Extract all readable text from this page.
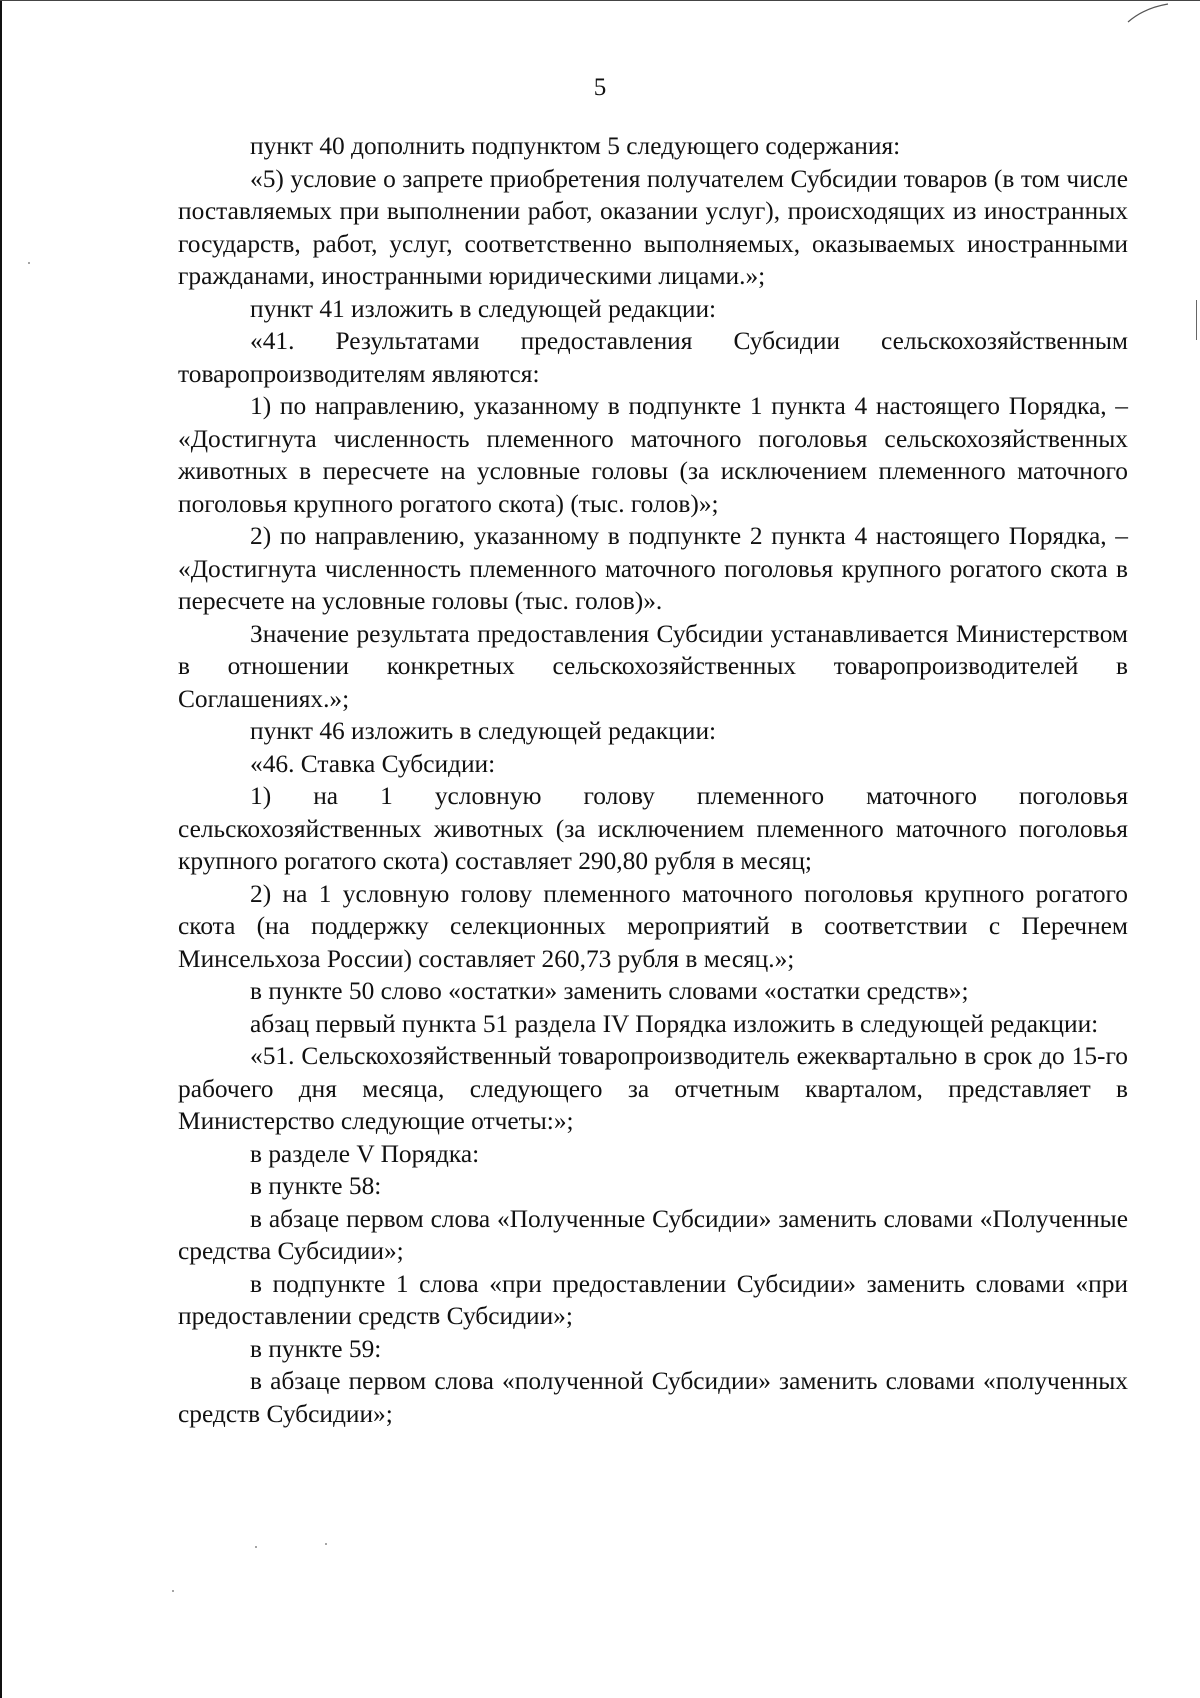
5

пункт 40 дополнить подпунктом 5 следующего содержания:

«5) условие о запрете приобретения получателем Субсидии товаров (в том числе поставляемых при выполнении работ, оказании услуг), происходящих из иностранных государств, работ, услуг, соответственно выполняемых, оказываемых иностранными гражданами, иностранными юридическими лицами.»;

пункт 41 изложить в следующей редакции:

«41. Результатами предоставления Субсидии сельскохозяйственным товаропроизводителям являются:

1) по направлению, указанному в подпункте 1 пункта 4 настоящего Порядка, – «Достигнута численность племенного маточного поголовья сельскохозяйственных животных в пересчете на условные головы (за исключением племенного маточного поголовья крупного рогатого скота) (тыс. голов)»;

2) по направлению, указанному в подпункте 2 пункта 4 настоящего Порядка, – «Достигнута численность племенного маточного поголовья крупного рогатого скота в пересчете на условные головы (тыс. голов)».

Значение результата предоставления Субсидии устанавливается Министерством в отношении конкретных сельскохозяйственных товаропроизводителей в Соглашениях.»;

пункт 46 изложить в следующей редакции:

«46. Ставка Субсидии:

1) на 1 условную голову племенного маточного поголовья сельскохозяйственных животных (за исключением племенного маточного поголовья крупного рогатого скота) составляет 290,80 рубля в месяц;

2) на 1 условную голову племенного маточного поголовья крупного рогатого скота (на поддержку селекционных мероприятий в соответствии с Перечнем Минсельхоза России) составляет 260,73 рубля в месяц.»;

в пункте 50 слово «остатки» заменить словами «остатки средств»;

абзац первый пункта 51 раздела IV Порядка изложить в следующей редакции:

«51. Сельскохозяйственный товаропроизводитель ежеквартально в срок до 15-го рабочего дня месяца, следующего за отчетным кварталом, представляет в Министерство следующие отчеты:»;

в разделе V Порядка:

в пункте 58:

в абзаце первом слова «Полученные Субсидии» заменить словами «Полученные средства Субсидии»;

в подпункте 1 слова «при предоставлении Субсидии» заменить словами «при предоставлении средств Субсидии»;

в пункте 59:

в абзаце первом слова «полученной Субсидии» заменить словами «полученных средств Субсидии»;
